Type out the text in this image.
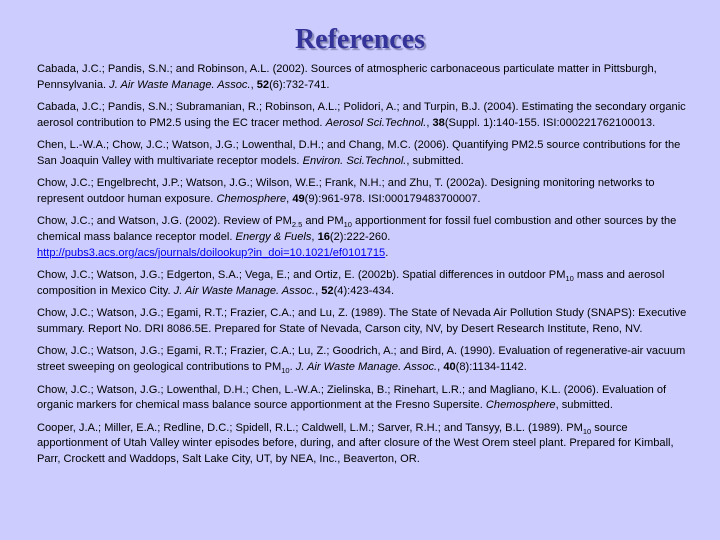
References

Cabada, J.C.; Pandis, S.N.; and Robinson, A.L. (2002). Sources of atmospheric carbonaceous particulate matter in Pittsburgh, Pennsylvania. J. Air Waste Manage. Assoc., 52(6):732-741.

Cabada, J.C.; Pandis, S.N.; Subramanian, R.; Robinson, A.L.; Polidori, A.; and Turpin, B.J. (2004). Estimating the secondary organic aerosol contribution to PM2.5 using the EC tracer method. Aerosol Sci.Technol., 38(Suppl. 1):140-155. ISI:000221762100013.

Chen, L.-W.A.; Chow, J.C.; Watson, J.G.; Lowenthal, D.H.; and Chang, M.C. (2006). Quantifying PM2.5 source contributions for the San Joaquin Valley with multivariate receptor models. Environ. Sci.Technol., submitted.

Chow, J.C.; Engelbrecht, J.P.; Watson, J.G.; Wilson, W.E.; Frank, N.H.; and Zhu, T. (2002a). Designing monitoring networks to represent outdoor human exposure. Chemosphere, 49(9):961-978. ISI:000179483700007.

Chow, J.C.; and Watson, J.G. (2002). Review of $PM_{2.5}$ and $PM_{10}$ apportionment for fossil fuel combustion and other sources by the chemical mass balance receptor model. Energy & Fuels, 16(2):222-260.
http://pubs3.acs.org/acs/journals/doilookup?in_doi=10.1021/ef0101715.

Chow, J.C.; Watson, J.G.; Edgerton, S.A.; Vega, E.; and Ortiz, E. (2002b). Spatial differences in outdoor $PM_{10}$ mass and aerosol composition in Mexico City. J. Air Waste Manage. Assoc., 52(4):423-434.

Chow, J.C.; Watson, J.G.; Egami, R.T.; Frazier, C.A.; and Lu, Z. (1989). The State of Nevada Air Pollution Study (SNAPS): Executive summary. Report No. DRI 8086.5E. Prepared for State of Nevada, Carson city, NV, by Desert Research Institute, Reno, NV.

Chow, J.C.; Watson, J.G.; Egami, R.T.; Frazier, C.A.; Lu, Z.; Goodrich, A.; and Bird, A. (1990). Evaluation of regenerative-air vacuum street sweeping on geological contributions to $PM_{10}$. J. Air Waste Manage. Assoc., 40(8):1134-1142.

Chow, J.C.; Watson, J.G.; Lowenthal, D.H.; Chen, L.-W.A.; Zielinska, B.; Rinehart, L.R.; and Magliano, K.L. (2006). Evaluation of organic markers for chemical mass balance source apportionment at the Fresno Supersite. Chemosphere, submitted.

Cooper, J.A.; Miller, E.A.; Redline, D.C.; Spidell, R.L.; Caldwell, L.M.; Sarver, R.H.; and Tansyy, B.L. (1989). $PM_{10}$ source apportionment of Utah Valley winter episodes before, during, and after closure of the West Orem steel plant. Prepared for Kimball, Parr, Crockett and Waddops, Salt Lake City, UT, by NEA, Inc., Beaverton, OR.
